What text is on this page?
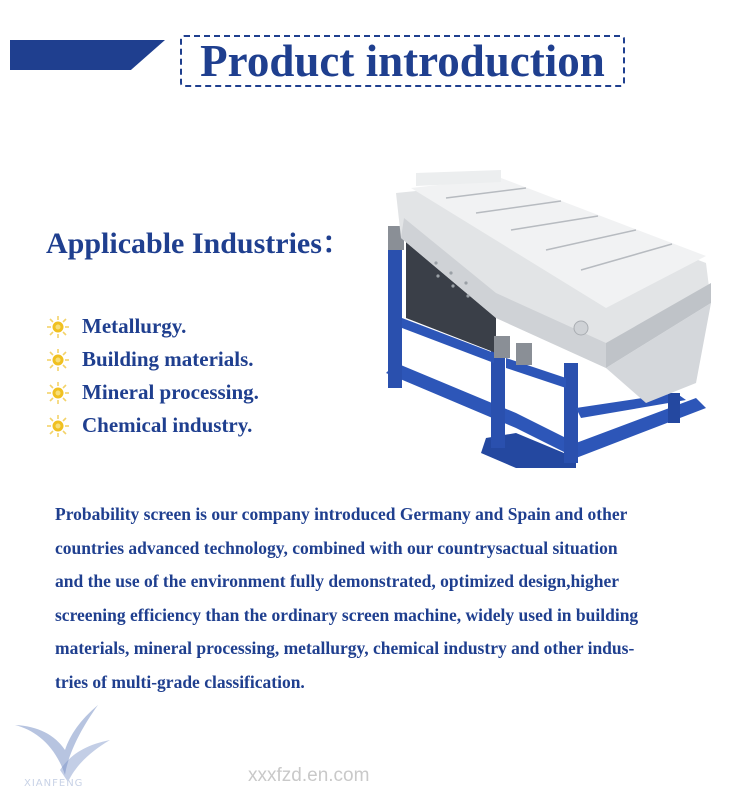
Product introduction
Applicable Industries：
Metallurgy.
Building materials.
Mineral processing.
Chemical industry.
Probability screen is our company introduced Germany and Spain and other
countries advanced technology, combined with our countrysactual situation
and the use of the environment fully demonstrated, optimized design,higher
screening efficiency than the ordinary screen machine, widely used in building
materials, mineral processing, metallurgy, chemical industry and other indus-
tries of multi-grade classification.
XIANFENG	xxxfzd.en.com
